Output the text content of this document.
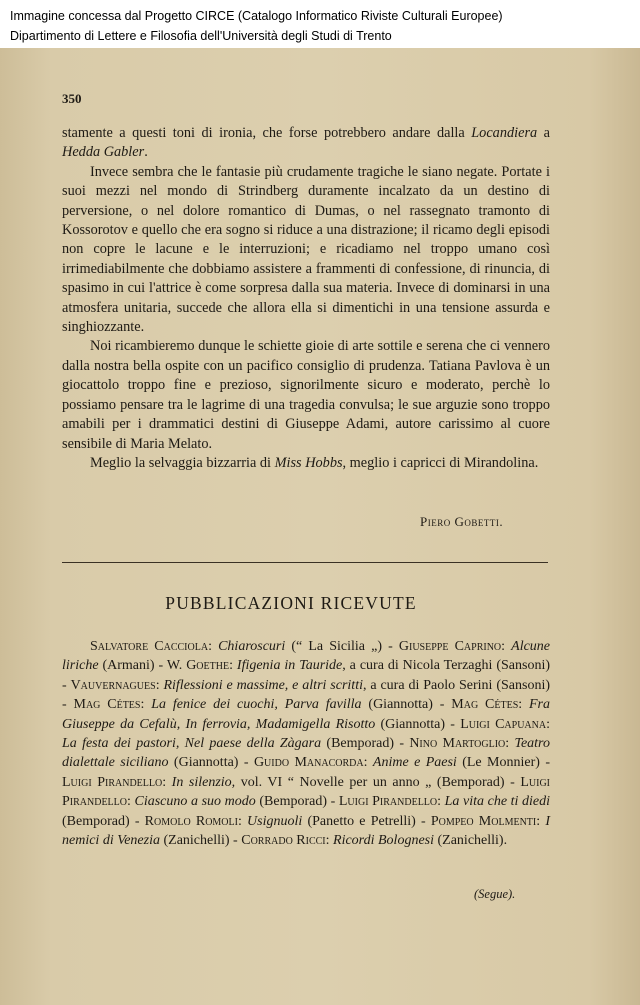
Immagine concessa dal Progetto CIRCE (Catalogo Informatico Riviste Culturali Europee)
Dipartimento di Lettere e Filosofia dell'Università degli Studi di Trento
350

stamente a questi toni di ironia, che forse potrebbero andare dalla Locandiera a Hedda Gabler.

Invece sembra che le fantasie più crudamente tragiche le siano negate. Portate i suoi mezzi nel mondo di Strindberg duramente incalzato da un destino di perversione, o nel dolore romantico di Dumas, o nel rassegnato tramonto di Kossorotov e quello che era sogno si riduce a una distrazione; il ricamo degli episodi non copre le lacune e le interruzioni; e ricadiamo nel troppo umano così irrimediabilmente che dobbiamo assistere a frammenti di confessione, di rinuncia, di spasimo in cui l'attrice è come sorpresa dalla sua materia. Invece di dominarsi in una atmosfera unitaria, succede che allora ella si dimentichi in una tensione assurda e singhiozzante.

Noi ricambieremo dunque le schiette gioie di arte sottile e serena che ci vennero dalla nostra bella ospite con un pacifico consiglio di prudenza. Tatiana Pavlova è un giocattolo troppo fine e prezioso, signorilmente sicuro e moderato, perchè lo possiamo pensare tra le lagrime di una tragedia convulsa; le sue arguzie sono troppo amabili per i drammatici destini di Giuseppe Adami, autore carissimo al cuore sensibile di Maria Melato.

Meglio la selvaggia bizzarria di Miss Hobbs, meglio i capricci di Mirandolina.

Piero Gobetti.
PUBBLICAZIONI RICEVUTE

Salvatore Cacciola: Chiaroscuri (“ La Sicilia „) - Giuseppe Caprino: Alcune liriche (Armani) - W. Goethe: Ifigenia in Tauride, a cura di Nicola Terzaghi (Sansoni) - Vauvernagues: Riflessioni e massime, e altri scritti, a cura di Paolo Serini (Sansoni) - Mag Cétes: La fenice dei cuochi, Parva favilla (Giannotta) - Mag Cétes: Fra Giuseppe da Cefalù, In ferrovia, Madamigella Risotto (Giannotta) - Luigi Capuana: La festa dei pastori, Nel paese della Zàgara (Bemporad) - Nino Martoglio: Teatro dialettale siciliano (Giannotta) - Guido Manacorda: Anime e Paesi (Le Monnier) - Luigi Pirandello: In silenzio, vol. VI “ Novelle per un anno „ (Bemporad) - Luigi Pirandello: Ciascuno a suo modo (Bemporad) - Luigi Pirandello: La vita che ti diedi (Bemporad) - Romolo Romoli: Usignuoli (Panetto e Petrelli) - Pompeo Molmenti: I nemici di Venezia (Zanichelli) - Corrado Ricci: Ricordi Bolognesi (Zanichelli).

(Segue).
